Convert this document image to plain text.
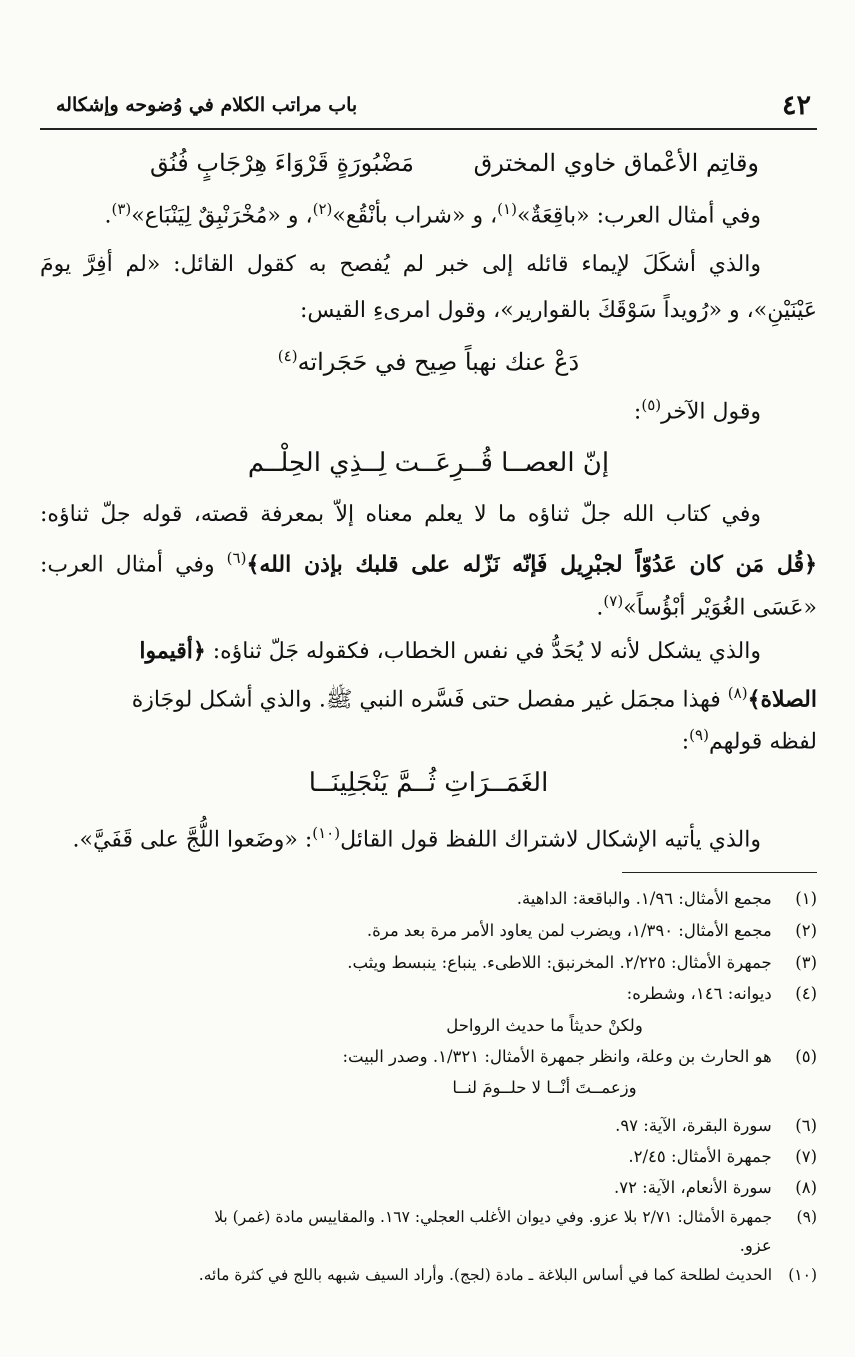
٤٢
باب مراتب الكلام في وُضوحه وإشكاله
وقاتِم الأعْماق خاوي المخترق
مَضْبُورَةٍ قَرْوَاءَ هِرْجَابٍ فُنُق
وفي أمثال العرب: «باقِعَةٌ»$^{(١)}$، و «شراب بأنْقُع»$^{(٢)}$، و «مُخْرَنْبِقٌ لِيَنْبَاع»$^{(٣)}$.
والذي أشكَلَ لإيماء قائله إلى خبر لم يُفصح به كقول القائل: «لم أفِرَّ يومَ
عَيْنَيْنِ»، و «رُويداً سَوْقَكَ بالقوارير»، وقول امرىءِ القيس:
دَعْ عنك نهباً صِيح في حَجَراته$^{(٤)}$
وقول الآخر$^{(٥)}$:
إنّ العصــا قُــرِعَــت لِــذِي الحِلْــم
وفي كتاب الله جلّ ثناؤه ما لا يعلم معناه إلاّ بمعرفة قصته، قوله جلّ ثناؤه:
﴿قُل مَن كان عَدُوّاً لجبْرِيل فَإنّه نَزّله على قلبك بإذن الله﴾$^{(٦)}$ وفي أمثال العرب:
«عَسَى الغُوَيْر أبْؤُساً»$^{(٧)}$.
والذي يشكل لأنه لا يُحَدُّ في نفس الخطاب، فكقوله جَلّ ثناؤه: ﴿أقيموا
الصلاة﴾$^{(٨)}$ فهذا مجمَل غير مفصل حتى فَسَّره النبي ﷺ. والذي أشكل لوجَازة
لفظه قولهم$^{(٩)}$:
الغَمَــرَاتِ ثُــمَّ يَنْجَلِينَــا
والذي يأتيه الإشكال لاشتراك اللفظ قول القائل$^{(١٠)}$: «وضَعوا اللُّجَّ على قَفَيَّ».
(١) مجمع الأمثال: ١/٩٦. والباقعة: الداهية.
(٢) مجمع الأمثال: ١/٣٩٠، ويضرب لمن يعاود الأمر مرة بعد مرة.
(٣) جمهرة الأمثال: ٢/٢٢٥. المخرنبق: اللاطىء. ينباع: ينبسط ويثب.
(٤) ديوانه: ١٤٦، وشطره:
ولكنْ حديثاً ما حديث الرواحل
(٥) هو الحارث بن وعلة، وانظر جمهرة الأمثال: ١/٣٢١. وصدر البيت:
وزعمــتَ أنْــا لا حلــومَ لنــا
(٦) سورة البقرة، الآية: ٩٧.
(٧) جمهرة الأمثال: ٢/٤٥.
(٨) سورة الأنعام، الآية: ٧٢.
(٩) جمهرة الأمثال: ٢/٧١ بلا عزو. وفي ديوان الأغلب العجلي: ١٦٧. والمقاييس مادة (غمر) بلا
عزو.
(١٠) الحديث لطلحة كما في أساس البلاغة ـ مادة (لجج). وأراد السيف شبهه باللج في كثرة مائه.
